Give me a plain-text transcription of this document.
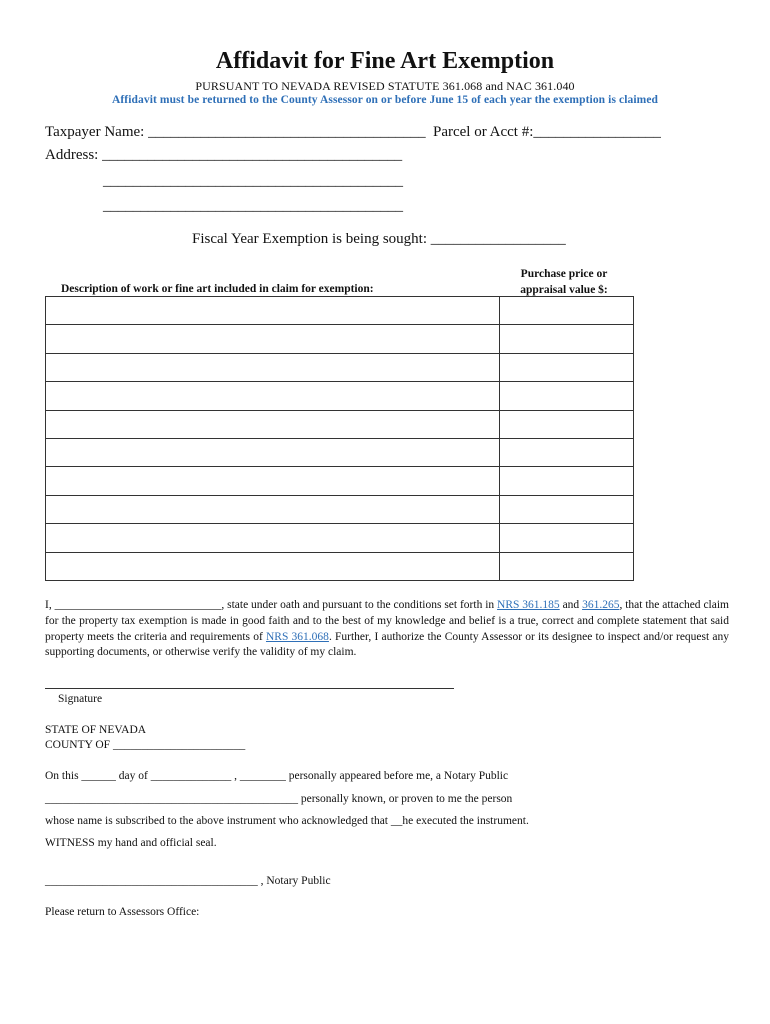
Affidavit for Fine Art Exemption
PURSUANT TO NEVADA REVISED STATUTE 361.068 and NAC 361.040
Affidavit must be returned to the County Assessor on or before June 15 of each year the exemption is claimed
Taxpayer Name: _____________________________________ Parcel or Acct #:_________________
Address: ________________________________________
________________________________________
________________________________________
Fiscal Year Exemption is being sought: __________________
Description of work or fine art included in claim for exemption:
Purchase price or
appraisal value $:

I, _____________________________, state under oath and pursuant to the conditions set forth in NRS 361.185 and 361.265, that the attached claim for the property tax exemption is made in good faith and to the best of my knowledge and belief is a true, correct and complete statement that said property meets the criteria and requirements of NRS 361.068. Further, I authorize the County Assessor or its designee to inspect and/or request any supporting documents, or otherwise verify the validity of my claim.
Signature
STATE OF NEVADA
COUNTY OF _______________________
On this ______ day of ______________ , ________ personally appeared before me, a Notary Public
____________________________________________ personally known, or proven to me the person
whose name is subscribed to the above instrument who acknowledged that __he executed the instrument.
WITNESS my hand and official seal.
_____________________________________ , Notary Public
Please return to Assessors Office:
